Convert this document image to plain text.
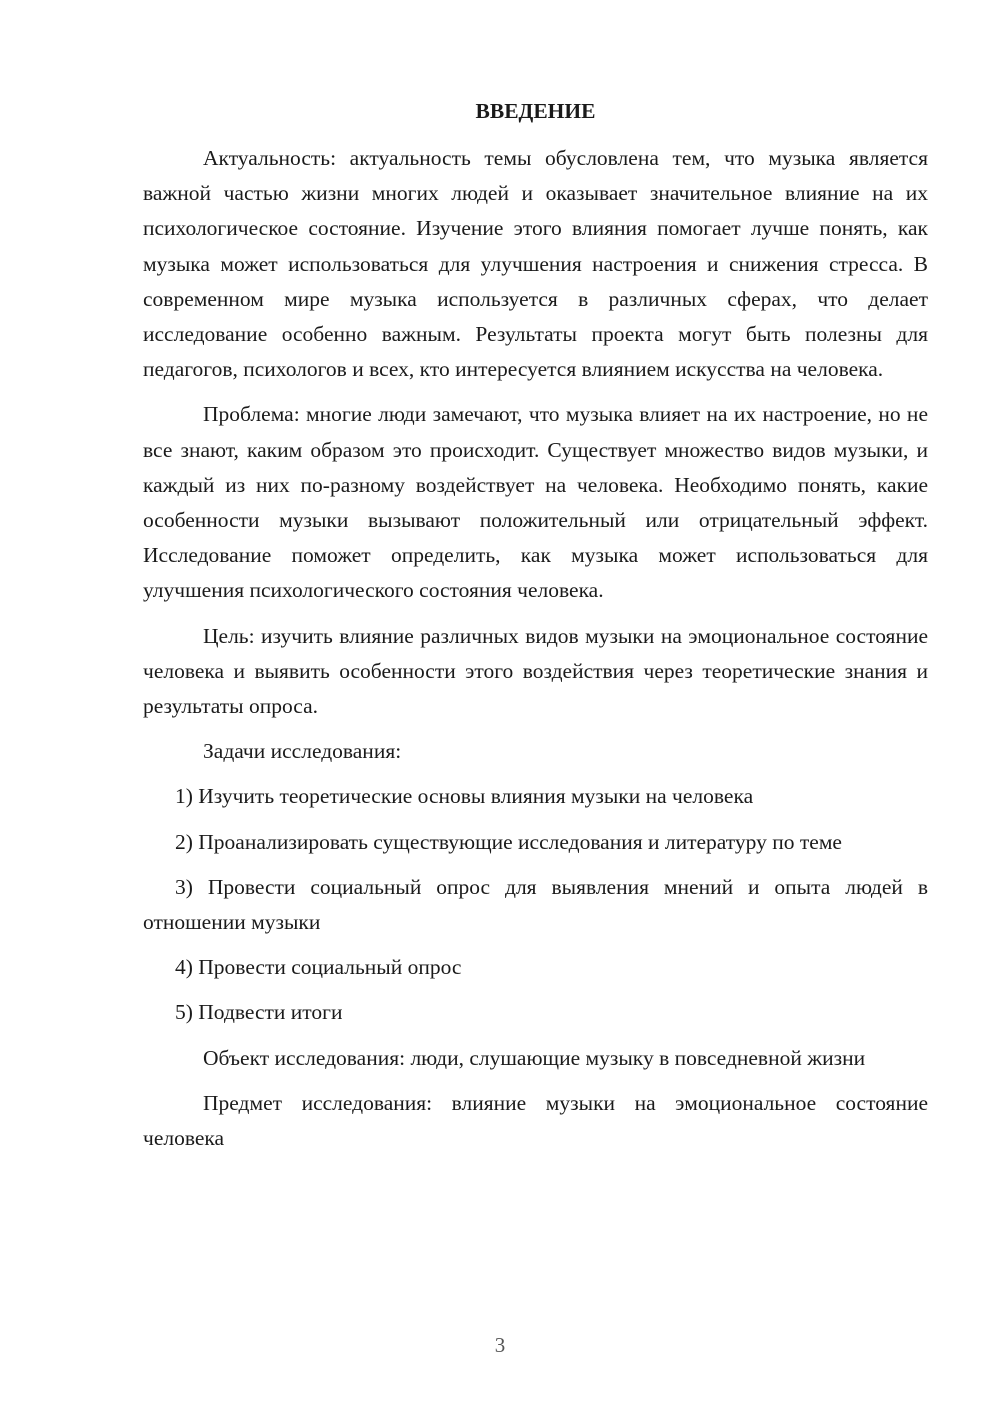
ВВЕДЕНИЕ

Актуальность: актуальность темы обусловлена тем, что музыка является важной частью жизни многих людей и оказывает значительное влияние на их психологическое состояние. Изучение этого влияния помогает лучше понять, как музыка может использоваться для улучшения настроения и снижения стресса. В современном мире музыка используется в различных сферах, что делает исследование особенно важным. Результаты проекта могут быть полезны для педагогов, психологов и всех, кто интересуется влиянием искусства на человека.

Проблема: многие люди замечают, что музыка влияет на их настроение, но не все знают, каким образом это происходит. Существует множество видов музыки, и каждый из них по-разному воздействует на человека. Необходимо понять, какие особенности музыки вызывают положительный или отрицательный эффект. Исследование поможет определить, как музыка может использоваться для улучшения психологического состояния человека.

Цель: изучить влияние различных видов музыки на эмоциональное состояние человека и выявить особенности этого воздействия через теоретические знания и результаты опроса.

Задачи исследования:

1) Изучить теоретические основы влияния музыки на человека

2) Проанализировать существующие исследования и литературу по теме

3) Провести социальный опрос для выявления мнений и опыта людей в отношении музыки

4) Провести социальный опрос

5) Подвести итоги

Объект исследования: люди, слушающие музыку в повседневной жизни

Предмет исследования: влияние музыки на эмоциональное состояние человека

3
